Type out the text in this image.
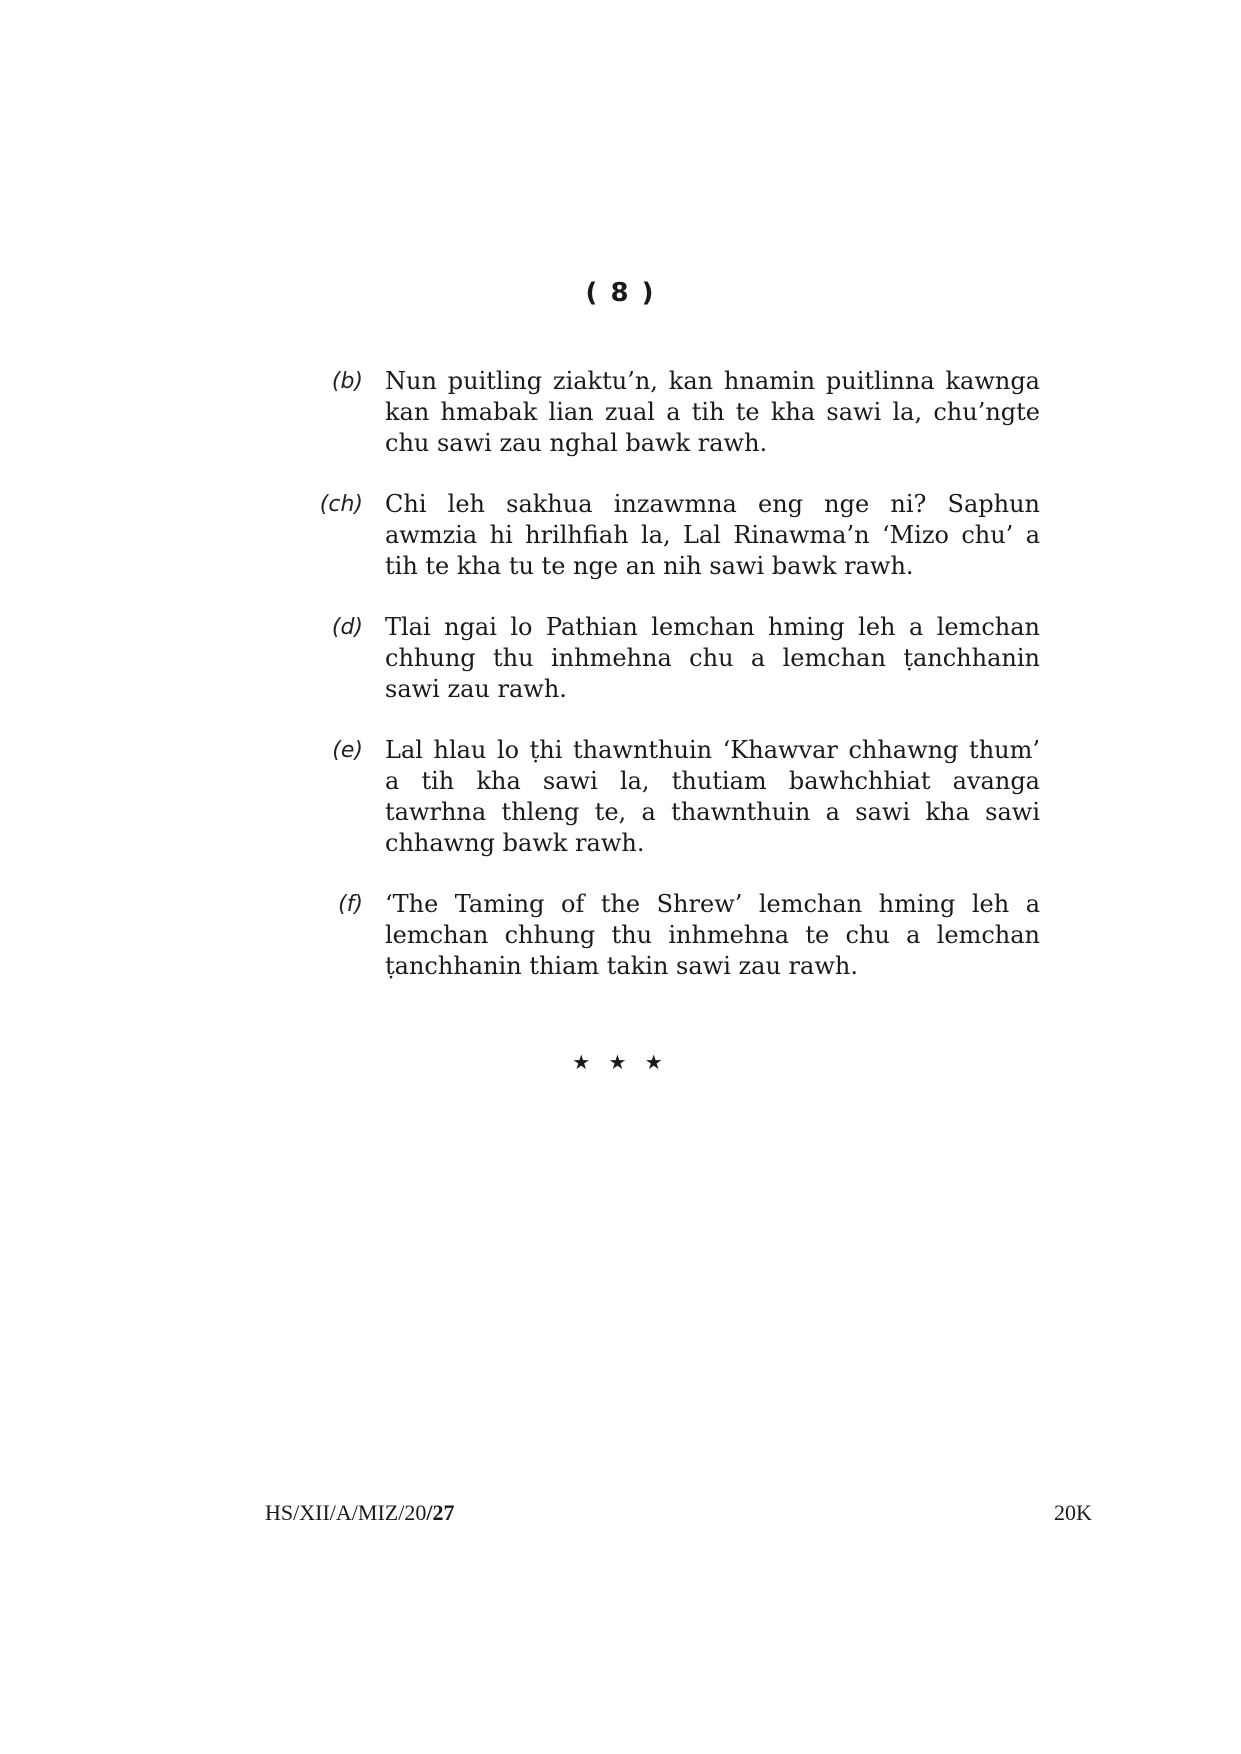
( 8 )
(b) Nun puitling ziaktu’n, kan hnamin puitlinna kawnga kan hmabak lian zual a tih te kha sawi la, chu’ngte chu sawi zau nghal bawk rawh.
(ch) Chi leh sakhua inzawmna eng nge ni? Saphun awmzia hi hrilhfiah la, Lal Rinawma’n ‘Mizo chu’ a tih te kha tu te nge an nih sawi bawk rawh.
(d) Tlai ngai lo Pathian lemchan hming leh a lemchan chhung thu inhmehna chu a lemchan ṭanchhanin sawi zau rawh.
(e) Lal hlau lo ṭhi thawnthuin ‘Khawvar chhawng thum’ a tih kha sawi la, thutiam bawhchhiat avanga tawrhna thleng te, a thawnthuin a sawi kha sawi chhawng bawk rawh.
(f) ‘The Taming of the Shrew’ lemchan hming leh a lemchan chhung thu inhmehna te chu a lemchan ṭanchhanin thiam takin sawi zau rawh.
★ ★ ★
HS/XII/A/MIZ/20/27	20K
